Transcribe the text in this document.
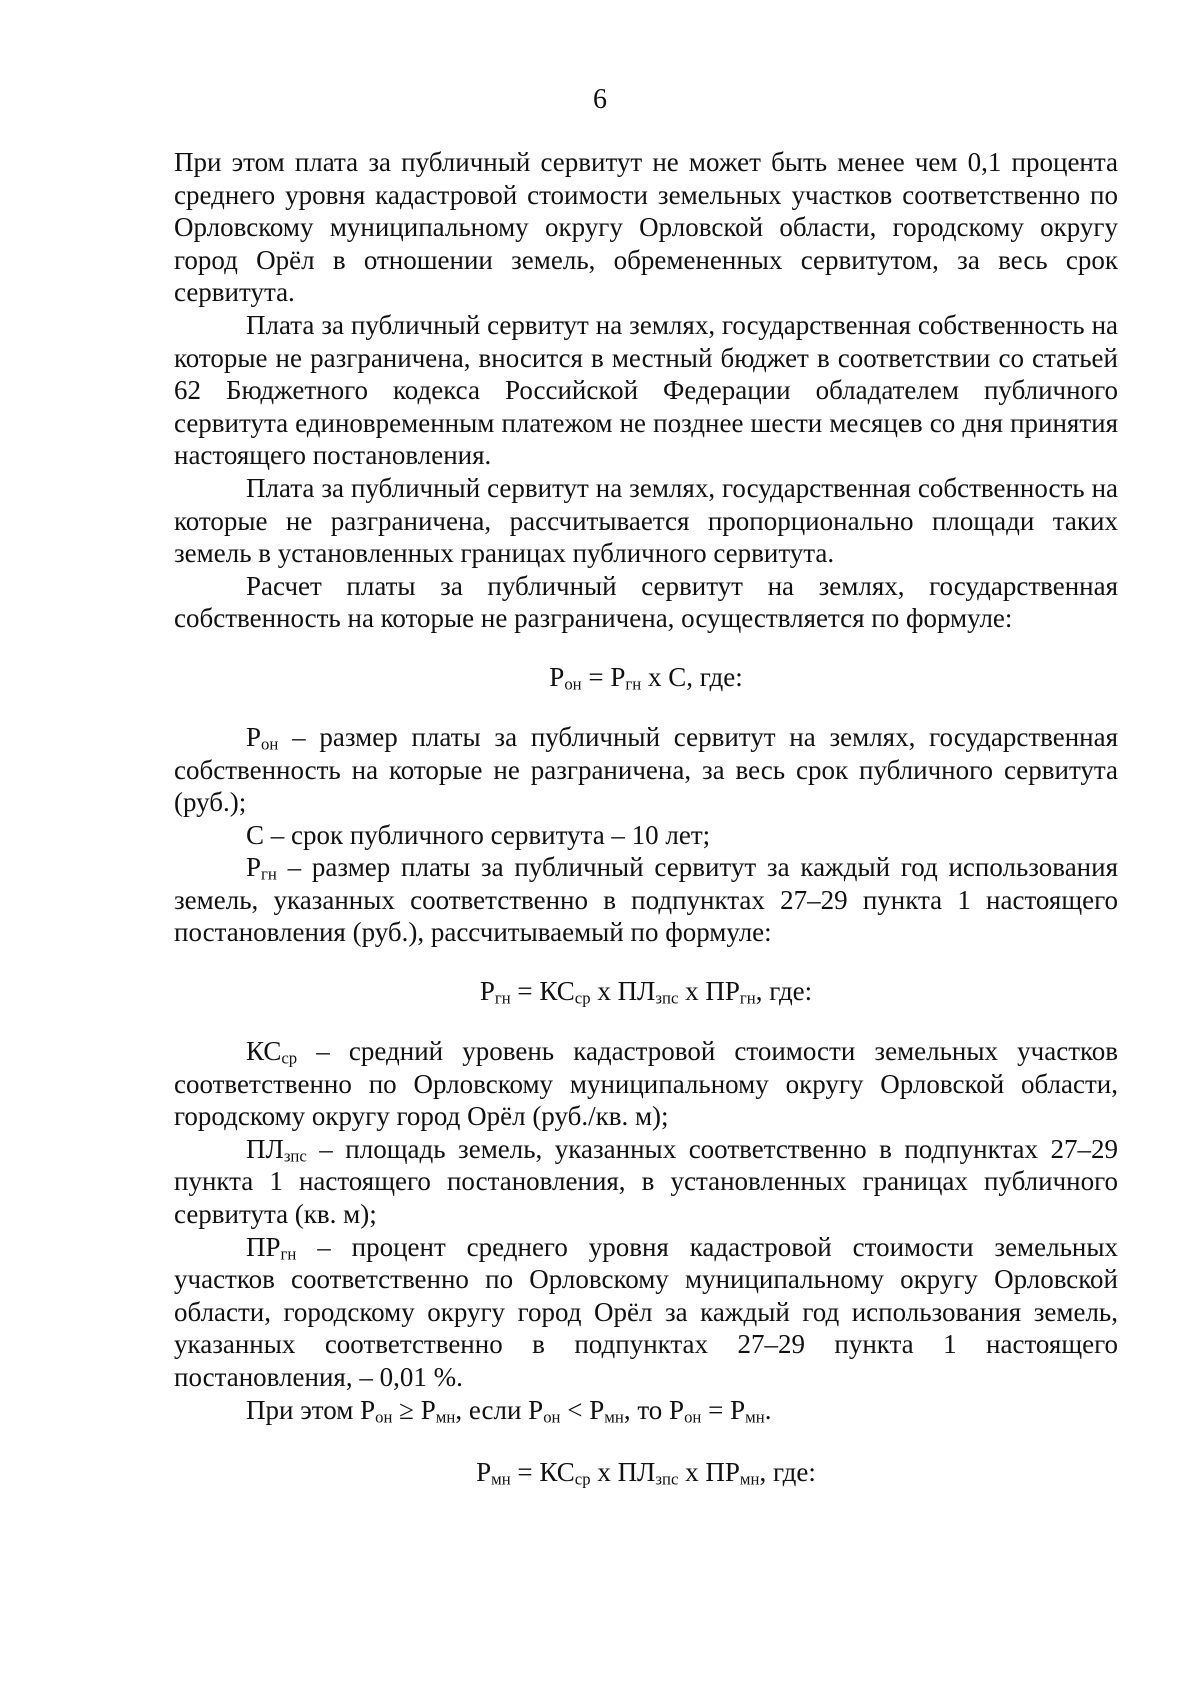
6

При этом плата за публичный сервитут не может быть менее чем 0,1 процента среднего уровня кадастровой стоимости земельных участков соответственно по Орловскому муниципальному округу Орловской области, городскому округу город Орёл в отношении земель, обремененных сервитутом, за весь срок сервитута.

Плата за публичный сервитут на землях, государственная собственность на которые не разграничена, вносится в местный бюджет в соответствии со статьей 62 Бюджетного кодекса Российской Федерации обладателем публичного сервитута единовременным платежом не позднее шести месяцев со дня принятия настоящего постановления.

Плата за публичный сервитут на землях, государственная собственность на которые не разграничена, рассчитывается пропорционально площади таких земель в установленных границах публичного сервитута.

Расчет платы за публичный сервитут на землях, государственная собственность на которые не разграничена, осуществляется по формуле:

$Р_{он} = Р_{гн}$ х С, где:

$Р_{он}$ – размер платы за публичный сервитут на землях, государственная собственность на которые не разграничена, за весь срок публичного сервитута (руб.);

С – срок публичного сервитута – 10 лет;

$Р_{гн}$ – размер платы за публичный сервитут за каждый год использования земель, указанных соответственно в подпунктах 27–29 пункта 1 настоящего постановления (руб.), рассчитываемый по формуле:

$Р_{гн} = КС_{ср}$ х $ПЛ_{зпс}$ х $ПР_{гн}$, где:

$КС_{ср}$ – средний уровень кадастровой стоимости земельных участков соответственно по Орловскому муниципальному округу Орловской области, городскому округу город Орёл (руб./кв. м);

$ПЛ_{зпс}$ – площадь земель, указанных соответственно в подпунктах 27–29 пункта 1 настоящего постановления, в установленных границах публичного сервитута (кв. м);

$ПР_{гн}$ – процент среднего уровня кадастровой стоимости земельных участков соответственно по Орловскому муниципальному округу Орловской области, городскому округу город Орёл за каждый год использования земель, указанных соответственно в подпунктах 27–29 пункта 1 настоящего постановления, – 0,01 %.

При этом $Р_{он} \ge Р_{мн}$, если $Р_{он} < Р_{мн}$, то $Р_{он} = Р_{мн}$.

$Р_{мн} = КС_{ср}$ х $ПЛ_{зпс}$ х $ПР_{мн}$, где:
